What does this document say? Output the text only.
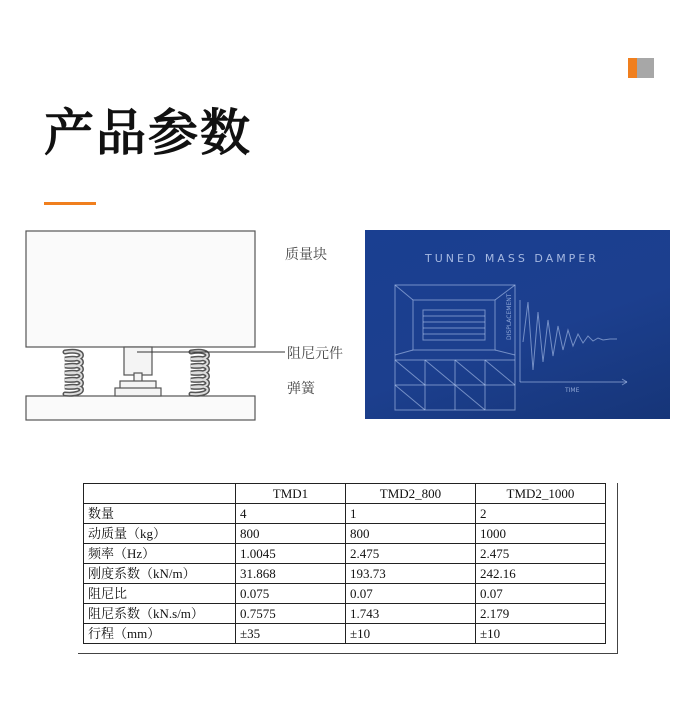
产品参数
质量块
阻尼元件
弹簧
TUNED MASS DAMPER
DISPLACEMENT
TIME
	TMD1	TMD2_800	TMD2_1000
数量	4	1	2
动质量（kg）	800	800	1000
频率（Hz）	1.0045	2.475	2.475
刚度系数（kN/m）	31.868	193.73	242.16
阻尼比	0.075	0.07	0.07
阻尼系数（kN.s/m）	0.7575	1.743	2.179
行程（mm）	±35	±10	±10
